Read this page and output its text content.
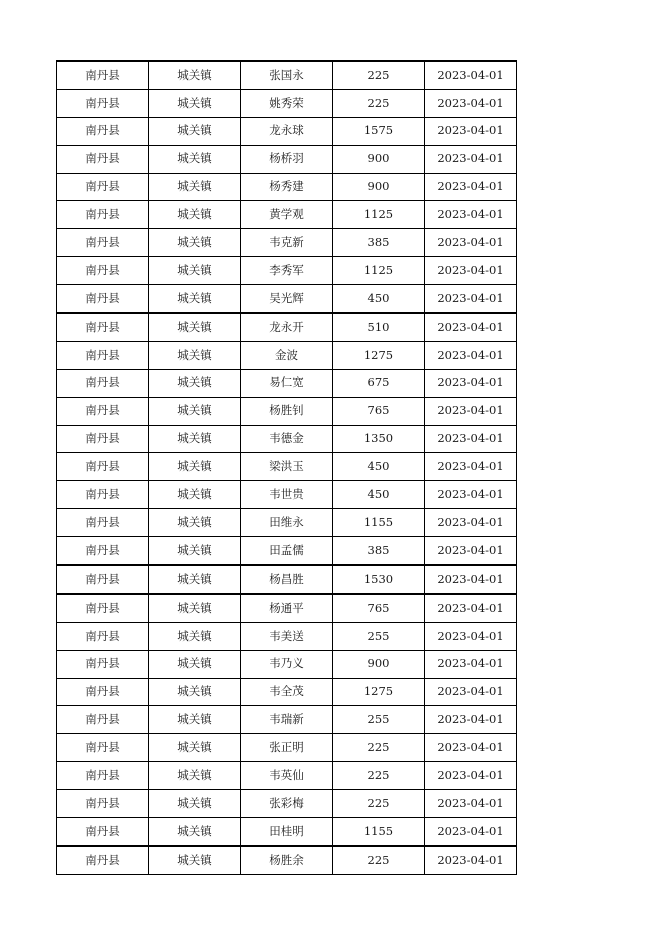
南丹县	城关镇	张国永	225	2023-04-01
南丹县	城关镇	姚秀荣	225	2023-04-01
南丹县	城关镇	龙永球	1575	2023-04-01
南丹县	城关镇	杨桥羽	900	2023-04-01
南丹县	城关镇	杨秀建	900	2023-04-01
南丹县	城关镇	黄学观	1125	2023-04-01
南丹县	城关镇	韦克新	385	2023-04-01
南丹县	城关镇	李秀军	1125	2023-04-01
南丹县	城关镇	吴光辉	450	2023-04-01
南丹县	城关镇	龙永开	510	2023-04-01
南丹县	城关镇	金波	1275	2023-04-01
南丹县	城关镇	易仁宽	675	2023-04-01
南丹县	城关镇	杨胜钊	765	2023-04-01
南丹县	城关镇	韦德金	1350	2023-04-01
南丹县	城关镇	梁洪玉	450	2023-04-01
南丹县	城关镇	韦世贵	450	2023-04-01
南丹县	城关镇	田维永	1155	2023-04-01
南丹县	城关镇	田孟儒	385	2023-04-01
南丹县	城关镇	杨昌胜	1530	2023-04-01
南丹县	城关镇	杨通平	765	2023-04-01
南丹县	城关镇	韦美送	255	2023-04-01
南丹县	城关镇	韦乃义	900	2023-04-01
南丹县	城关镇	韦全茂	1275	2023-04-01
南丹县	城关镇	韦瑞新	255	2023-04-01
南丹县	城关镇	张正明	225	2023-04-01
南丹县	城关镇	韦英仙	225	2023-04-01
南丹县	城关镇	张彩梅	225	2023-04-01
南丹县	城关镇	田桂明	1155	2023-04-01
南丹县	城关镇	杨胜余	225	2023-04-01
